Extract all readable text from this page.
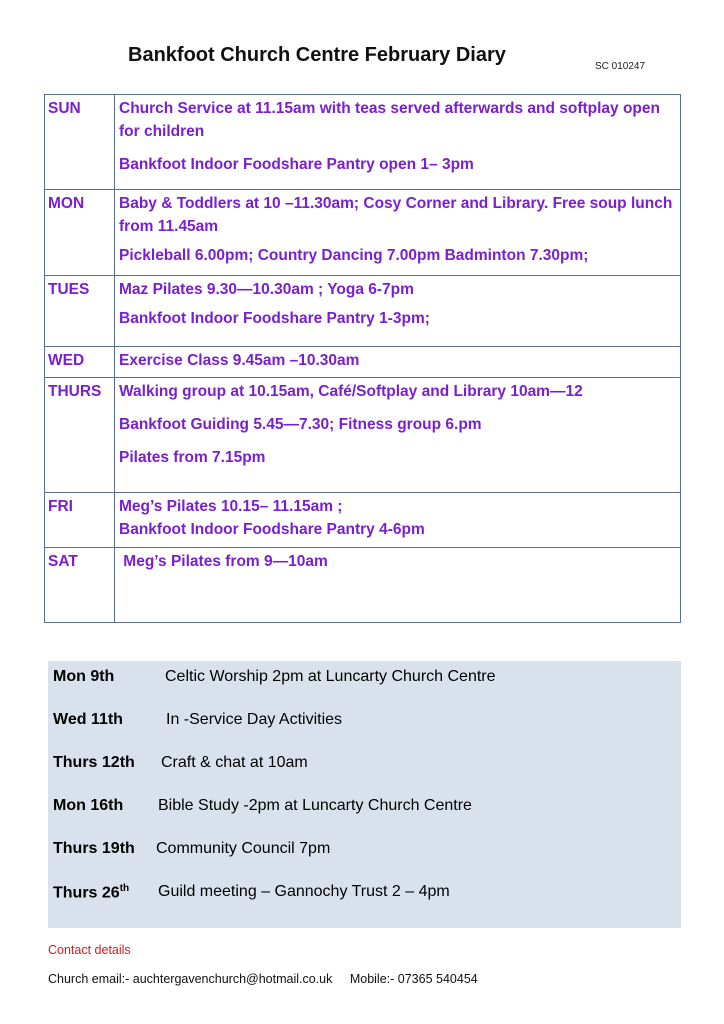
Bankfoot Church Centre February Diary
SC 010247
SUN	Church Service at 11.15am with teas served afterwards and softplay open for children

Bankfoot Indoor Foodshare Pantry open 1– 3pm

MON	Baby & Toddlers at 10 –11.30am; Cosy Corner and Library. Free soup lunch from 11.45am

Pickleball 6.00pm; Country Dancing 7.00pm Badminton 7.30pm;

TUES	Maz Pilates 9.30—10.30am ; Yoga 6-7pm

Bankfoot Indoor Foodshare Pantry 1-3pm;

WED	Exercise Class 9.45am –10.30am

THURS	Walking group at 10.15am, Café/Softplay and Library 10am—12

Bankfoot Guiding 5.45—7.30; Fitness group 6.pm

Pilates from 7.15pm

FRI	Meg’s Pilates 10.15– 11.15am ;

Bankfoot Indoor Foodshare Pantry 4-6pm

SAT	Meg’s Pilates from 9—10am

Mon 9th	Celtic Worship 2pm at Luncarty Church Centre
Wed 11th	In -Service Day Activities
Thurs 12th Craft & chat at 10am
Mon 16th Bible Study -2pm at Luncarty Church Centre
Thurs 19th Community Council 7pm
Thurs 26th Guild meeting – Gannochy Trust 2 – 4pm
Contact details
Church email:- auchtergavenchurch@hotmail.co.uk Mobile:- 07365 540454
